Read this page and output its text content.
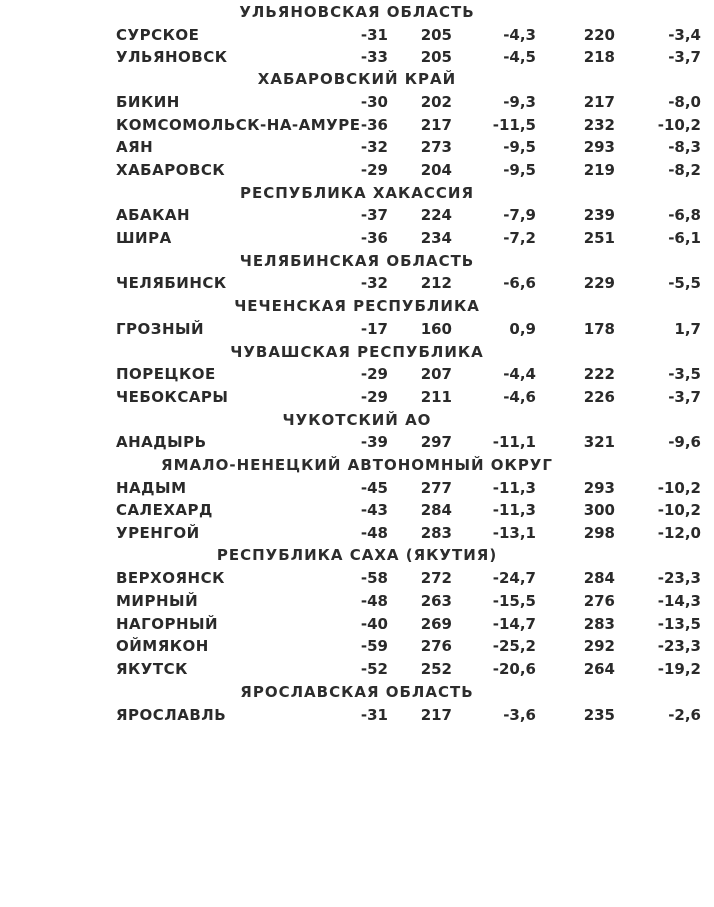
УЛЬЯНОВСКАЯ ОБЛАСТЬ
СУРСКОЕ	-31	205	-4,3	220	-3,4
УЛЬЯНОВСК	-33	205	-4,5	218	-3,7
ХАБАРОВСКИЙ КРАЙ
БИКИН	-30	202	-9,3	217	-8,0
КОМСОМОЛЬСК-НА-АМУРЕ -36	217	-11,5	232	-10,2
АЯН	-32	273	-9,5	293	-8,3
ХАБАРОВСК	-29	204	-9,5	219	-8,2
РЕСПУБЛИКА ХАКАССИЯ
АБАКАН	-37	224	-7,9	239	-6,8
ШИРА	-36	234	-7,2	251	-6,1
ЧЕЛЯБИНСКАЯ ОБЛАСТЬ
ЧЕЛЯБИНСК	-32	212	-6,6	229	-5,5
ЧЕЧЕНСКАЯ РЕСПУБЛИКА
ГРОЗНЫЙ	-17	160	0,9	178	1,7
ЧУВАШСКАЯ РЕСПУБЛИКА
ПОРЕЦКОЕ	-29	207	-4,4	222	-3,5
ЧЕБОКСАРЫ	-29	211	-4,6	226	-3,7
ЧУКОТСКИЙ АО
АНАДЫРЬ	-39	297	-11,1	321	-9,6
ЯМАЛО-НЕНЕЦКИЙ АВТОНОМНЫЙ ОКРУГ
НАДЫМ	-45	277	-11,3	293	-10,2
САЛЕХАРД	-43	284	-11,3	300	-10,2
УРЕНГОЙ	-48	283	-13,1	298	-12,0
РЕСПУБЛИКА САХА (ЯКУТИЯ)
ВЕРХОЯНСК	-58	272	-24,7	284	-23,3
МИРНЫЙ	-48	263	-15,5	276	-14,3
НАГОРНЫЙ	-40	269	-14,7	283	-13,5
ОЙМЯКОН	-59	276	-25,2	292	-23,3
ЯКУТСК	-52	252	-20,6	264	-19,2
ЯРОСЛАВСКАЯ ОБЛАСТЬ
ЯРОСЛАВЛЬ	-31	217	-3,6	235	-2,6
